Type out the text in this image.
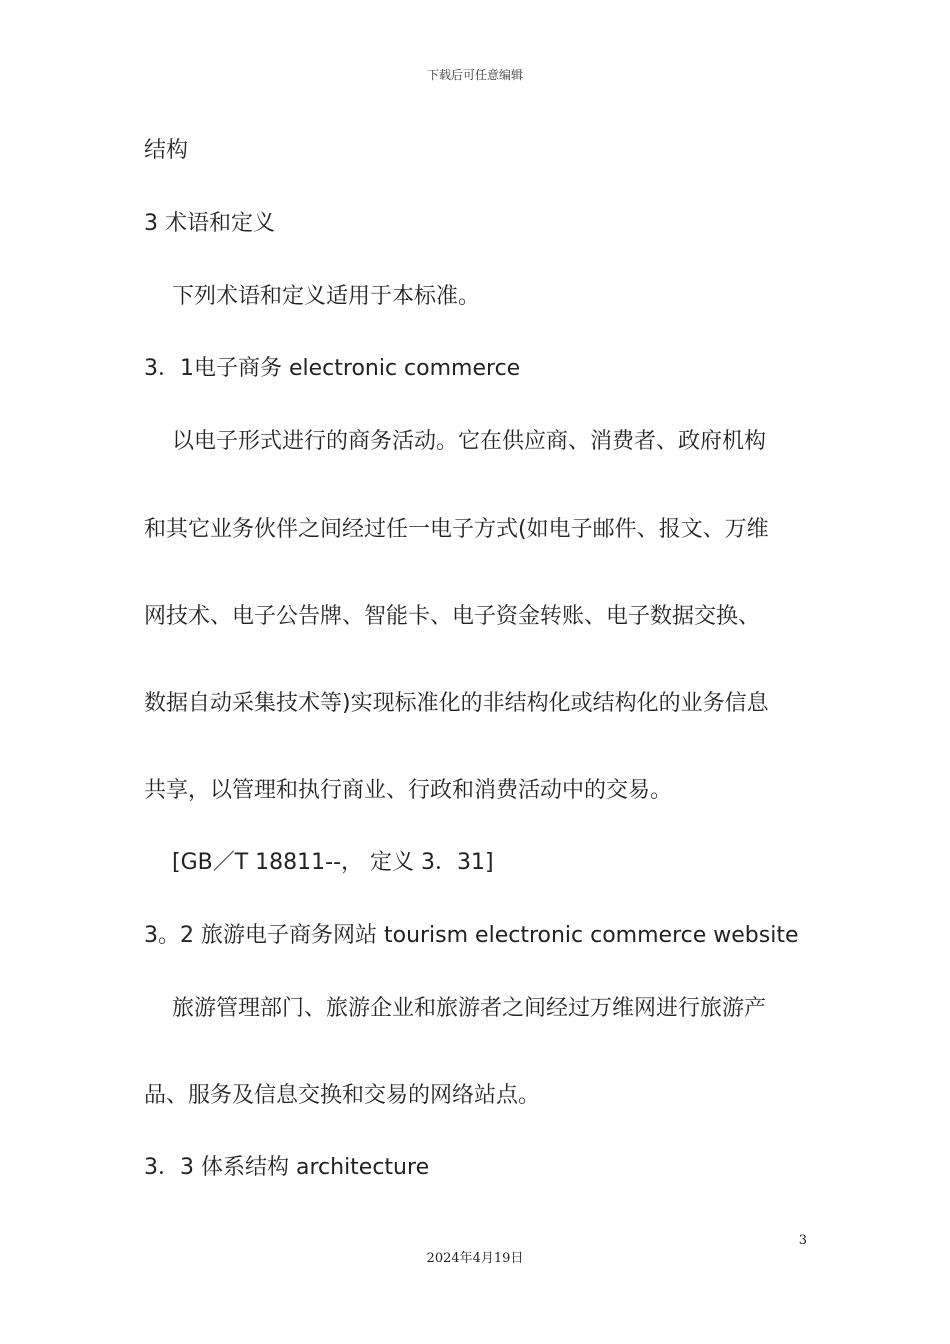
下载后可任意编辑
结构
3 术语和定义
下列术语和定义适用于本标准。
3．1电子商务 electronic commerce
以电子形式进行的商务活动。它在供应商、消费者、政府机构
和其它业务伙伴之间经过任一电子方式(如电子邮件、报文、万维
网技术、电子公告牌、智能卡、电子资金转账、电子数据交换、
数据自动采集技术等)实现标准化的非结构化或结构化的业务信息
共享，以管理和执行商业、行政和消费活动中的交易。
[GB／T 18811--， 定义 3．31]
3。2 旅游电子商务网站 tourism electronic commerce website
旅游管理部门、旅游企业和旅游者之间经过万维网进行旅游产
品、服务及信息交换和交易的网络站点。
3．3 体系结构 architecture
3
2024年4月19日
